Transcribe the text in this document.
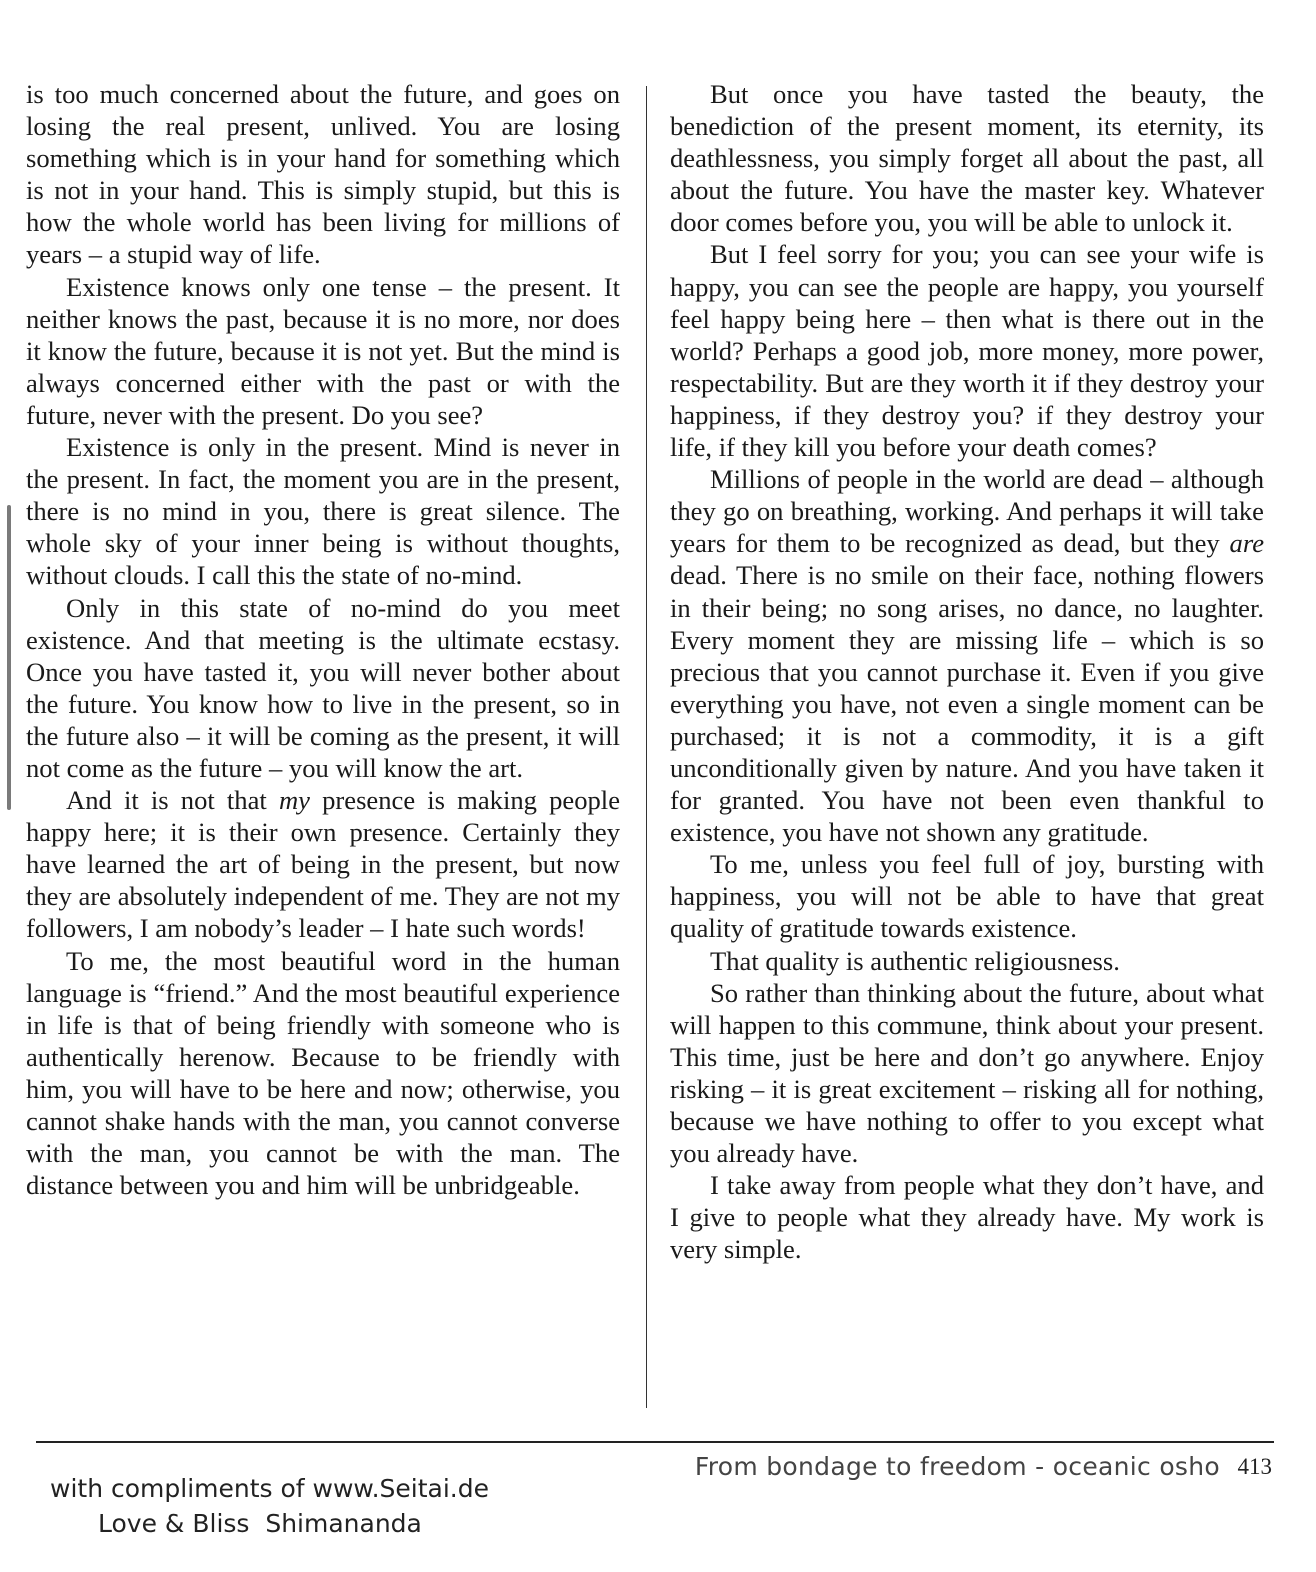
is too much concerned about the future, and goes on losing the real present, unlived. You are losing something which is in your hand for something which is not in your hand. This is simply stupid, but this is how the whole world has been living for millions of years – a stupid way of life.

Existence knows only one tense – the present. It neither knows the past, because it is no more, nor does it know the future, because it is not yet. But the mind is always concerned either with the past or with the future, never with the present. Do you see?

Existence is only in the present. Mind is never in the present. In fact, the moment you are in the present, there is no mind in you, there is great silence. The whole sky of your inner being is without thoughts, without clouds. I call this the state of no-mind.

Only in this state of no-mind do you meet existence. And that meeting is the ultimate ecstasy. Once you have tasted it, you will never bother about the future. You know how to live in the present, so in the future also – it will be coming as the present, it will not come as the future – you will know the art.

And it is not that my presence is making people happy here; it is their own presence. Certainly they have learned the art of being in the present, but now they are absolutely independent of me. They are not my followers, I am nobody’s leader – I hate such words!

To me, the most beautiful word in the human language is “friend.” And the most beautiful experience in life is that of being friendly with someone who is authentically herenow. Because to be friendly with him, you will have to be here and now; otherwise, you cannot shake hands with the man, you cannot converse with the man, you cannot be with the man. The distance between you and him will be unbridgeable.

But once you have tasted the beauty, the benediction of the present moment, its eternity, its deathlessness, you simply forget all about the past, all about the future. You have the master key. Whatever door comes before you, you will be able to unlock it.

But I feel sorry for you; you can see your wife is happy, you can see the people are happy, you yourself feel happy being here – then what is there out in the world? Perhaps a good job, more money, more power, respectability. But are they worth it if they destroy your happiness, if they destroy you? if they destroy your life, if they kill you before your death comes?

Millions of people in the world are dead – although they go on breathing, working. And perhaps it will take years for them to be recognized as dead, but they are dead. There is no smile on their face, nothing flowers in their being; no song arises, no dance, no laughter. Every moment they are missing life – which is so precious that you cannot purchase it. Even if you give everything you have, not even a single moment can be purchased; it is not a commodity, it is a gift unconditionally given by nature. And you have taken it for granted. You have not been even thankful to existence, you have not shown any gratitude.

To me, unless you feel full of joy, bursting with happiness, you will not be able to have that great quality of gratitude towards existence.

That quality is authentic religiousness.

So rather than thinking about the future, about what will happen to this commune, think about your present. This time, just be here and don’t go anywhere. Enjoy risking – it is great excitement – risking all for nothing, because we have nothing to offer to you except what you already have.

I take away from people what they don’t have, and I give to people what they already have. My work is very simple.

From bondage to freedom - oceanic osho 413
with compliments of www.Seitai.de
Love & Bliss  Shimananda
